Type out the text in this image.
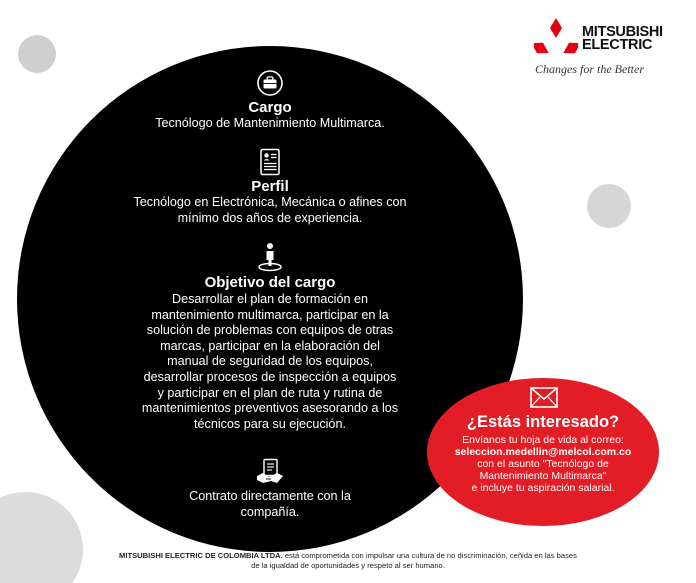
MITSUBISHI
ELECTRIC
Changes for the Better
Cargo

Tecnólogo de Mantenimiento Multimarca.

Perfil

Tecnólogo en Electrónica, Mecánica o afines con

mínimo dos años de experiencia.

Objetivo del cargo

Desarrollar el plan de formación en mantenimiento multimarca, participar en la solución de problemas con equipos de otras marcas, participar en la elaboración del manual de seguridad de los equipos, desarrollar procesos de inspección a equipos y participar en el plan de ruta y rutina de mantenimientos preventivos asesorando a los técnicos para su ejecución.

Contrato directamente con la compañía.

¿Estás interesado?
Envíanos tu hoja de vida al correo:
seleccion.medellin@melcol.com.co
con el asunto "Tecnólogo de
Mantenimiento Multimarca"
e incluye tu aspiración salarial.
MITSUBISHI ELECTRIC DE COLOMBIA LTDA. está comprometida con impulsar una cultura de no discriminación, ceñida en las bases
de la igualdad de oportunidades y respeto al ser humano.
